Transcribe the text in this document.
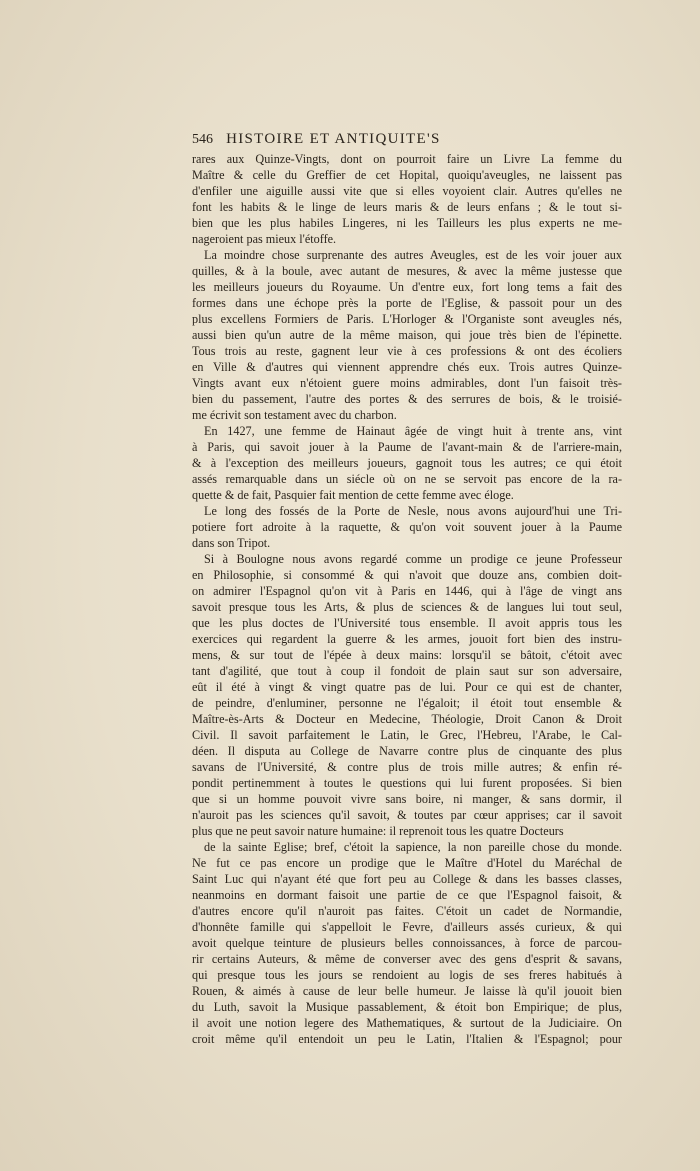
546 HISTOIRE ET ANTIQUITE'S
rares aux Quinze-Vingts, dont on pourroit faire un Livre La femme du
Maître & celle du Greffier de cet Hopital, quoiqu'aveugles, ne laissent pas
d'enfiler une aiguille aussi vite que si elles voyoient clair. Autres qu'elles ne
font les habits & le linge de leurs maris & de leurs enfans ; & le tout si-
bien que les plus habiles Lingeres, ni les Tailleurs les plus experts ne me-
nageroient pas mieux l'étoffe.
La moindre chose surprenante des autres Aveugles, est de les voir jouer aux
quilles, & à la boule, avec autant de mesures, & avec la même justesse que
les meilleurs joueurs du Royaume. Un d'entre eux, fort long tems a fait des
formes dans une échope près la porte de l'Eglise, & passoit pour un des
plus excellens Formiers de Paris. L'Horloger & l'Organiste sont aveugles nés,
aussi bien qu'un autre de la même maison, qui joue très bien de l'épinette.
Tous trois au reste, gagnent leur vie à ces professions & ont des écoliers
en Ville & d'autres qui viennent apprendre chés eux. Trois autres Quinze-
Vingts avant eux n'étoient guere moins admirables, dont l'un faisoit très-
bien du passement, l'autre des portes & des serrures de bois, & le troisié-
me écrivit son testament avec du charbon.
En 1427, une femme de Hainaut âgée de vingt huit à trente ans, vint
à Paris, qui savoit jouer à la Paume de l'avant-main & de l'arriere-main,
& à l'exception des meilleurs joueurs, gagnoit tous les autres; ce qui étoit
assés remarquable dans un siécle où on ne se servoit pas encore de la ra-
quette & de fait, Pasquier fait mention de cette femme avec éloge.
Le long des fossés de la Porte de Nesle, nous avons aujourd'hui une Tri-
potiere fort adroite à la raquette, & qu'on voit souvent jouer à la Paume
dans son Tripot.
Si à Boulogne nous avons regardé comme un prodige ce jeune Professeur
en Philosophie, si consommé & qui n'avoit que douze ans, combien doit-
on admirer l'Espagnol qu'on vit à Paris en 1446, qui à l'âge de vingt ans
savoit presque tous les Arts, & plus de sciences & de langues lui tout seul,
que les plus doctes de l'Université tous ensemble. Il avoit appris tous les
exercices qui regardent la guerre & les armes, jouoit fort bien des instru-
mens, & sur tout de l'épée à deux mains: lorsqu'il se bâtoit, c'étoit avec
tant d'agilité, que tout à coup il fondoit de plain saut sur son adversaire,
eût il été à vingt & vingt quatre pas de lui. Pour ce qui est de chanter,
de peindre, d'enluminer, personne ne l'égaloit; il étoit tout ensemble &
Maître-ès-Arts & Docteur en Medecine, Théologie, Droit Canon & Droit
Civil. Il savoit parfaitement le Latin, le Grec, l'Hebreu, l'Arabe, le Cal-
déen. Il disputa au College de Navarre contre plus de cinquante des plus
savans de l'Université, & contre plus de trois mille autres; & enfin ré-
pondit pertinemment à toutes le questions qui lui furent proposées. Si bien
que si un homme pouvoit vivre sans boire, ni manger, & sans dormir, il
n'auroit pas les sciences qu'il savoit, & toutes par cœur apprises; car il savoit
plus que ne peut savoir nature humaine: il reprenoit tous les quatre Docteurs
de la sainte Eglise; bref, c'étoit la sapience, la non pareille chose du monde.
Ne fut ce pas encore un prodige que le Maître d'Hotel du Maréchal de
Saint Luc qui n'ayant été que fort peu au College & dans les basses classes,
neanmoins en dormant faisoit une partie de ce que l'Espagnol faisoit, &
d'autres encore qu'il n'auroit pas faites. C'étoit un cadet de Normandie,
d'honnête famille qui s'appelloit le Fevre, d'ailleurs assés curieux, & qui
avoit quelque teinture de plusieurs belles connoissances, à force de parcou-
rir certains Auteurs, & même de converser avec des gens d'esprit & savans,
qui presque tous les jours se rendoient au logis de ses freres habitués à
Rouen, & aimés à cause de leur belle humeur. Je laisse là qu'il jouoit bien
du Luth, savoit la Musique passablement, & étoit bon Empirique; de plus,
il avoit une notion legere des Mathematiques, & surtout de la Judiciaire. On
croit même qu'il entendoit un peu le Latin, l'Italien & l'Espagnol; pour
